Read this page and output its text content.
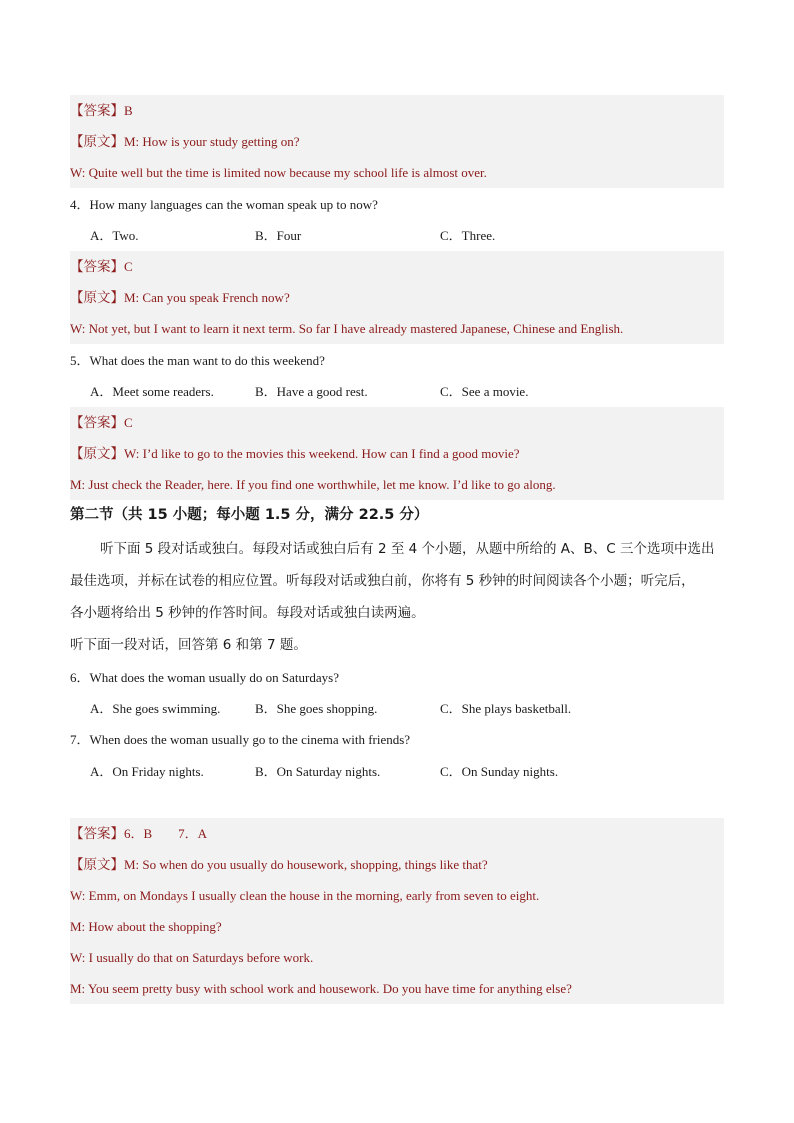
【答案】B
【原文】M: How is your study getting on?
W: Quite well but the time is limited now because my school life is almost over.
4．How many languages can the woman speak up to now?
A．Two.	B．Four	C．Three.
【答案】C
【原文】M: Can you speak French now?
W: Not yet, but I want to learn it next term. So far I have already mastered Japanese, Chinese and English.
5．What does the man want to do this weekend?
A．Meet some readers.	B．Have a good rest.	C．See a movie.
【答案】C
【原文】W: I’d like to go to the movies this weekend. How can I find a good movie?
M: Just check the Reader, here. If you find one worthwhile, let me know. I’d like to go along.
第二节（共 15 小题；每小题 1.5 分，满分 22.5 分）
听下面 5 段对话或独白。每段对话或独白后有 2 至 4 个小题，从题中所给的 A、B、C 三个选项中选出
最佳选项，并标在试卷的相应位置。听每段对话或独白前，你将有 5 秒钟的时间阅读各个小题；听完后，
各小题将给出 5 秒钟的作答时间。每段对话或独白读两遍。
听下面一段对话，回答第 6 和第 7 题。
6．What does the woman usually do on Saturdays?
A．She goes swimming.	B．She goes shopping.	C．She plays basketball.
7．When does the woman usually go to the cinema with friends?
A．On Friday nights.	B．On Saturday nights.	C．On Sunday nights.
【答案】6．B　　7．A
【原文】M: So when do you usually do housework, shopping, things like that?
W: Emm, on Mondays I usually clean the house in the morning, early from seven to eight.
M: How about the shopping?
W: I usually do that on Saturdays before work.
M: You seem pretty busy with school work and housework. Do you have time for anything else?
